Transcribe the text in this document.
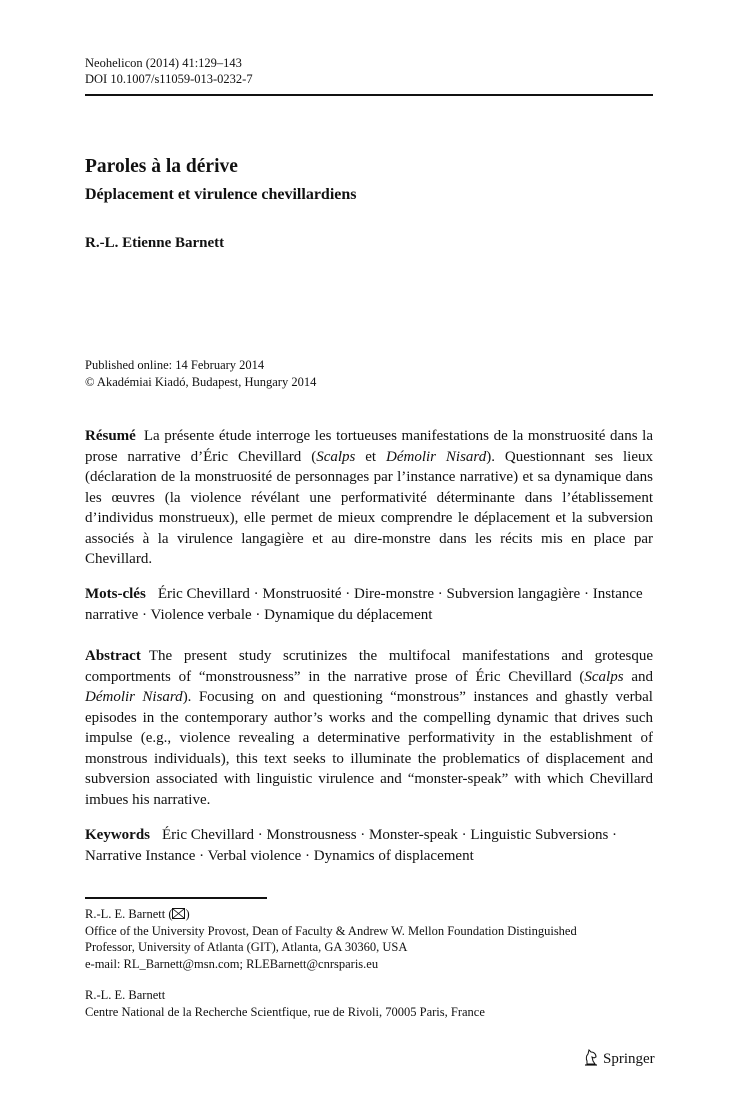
Neohelicon (2014) 41:129–143
DOI 10.1007/s11059-013-0232-7
Paroles à la dérive
Déplacement et virulence chevillardiens
R.-L. Etienne Barnett
Published online: 14 February 2014
© Akadémiai Kiadó, Budapest, Hungary 2014
Résumé La présente étude interroge les tortueuses manifestations de la monstruosité dans la prose narrative d’Éric Chevillard (Scalps et Démolir Nisard). Questionnant ses lieux (déclaration de la monstruosité de personnages par l’instance narrative) et sa dynamique dans les œuvres (la violence révélant une performativité déterminante dans l’établissement d’individus monstrueux), elle permet de mieux comprendre le déplacement et la subversion associés à la virulence langagière et au dire-monstre dans les récits mis en place par Chevillard.
Mots-clés Éric Chevillard · Monstruosité · Dire-monstre · Subversion langagière · Instance narrative · Violence verbale · Dynamique du déplacement
Abstract The present study scrutinizes the multifocal manifestations and grotesque comportments of “monstrousness” in the narrative prose of Éric Chevillard (Scalps and Démolir Nisard). Focusing on and questioning “monstrous” instances and ghastly verbal episodes in the contemporary author’s works and the compelling dynamic that drives such impulse (e.g., violence revealing a determinative performativity in the establishment of monstrous individuals), this text seeks to illuminate the problematics of displacement and subversion associated with linguistic virulence and “monster-speak” with which Chevillard imbues his narrative.
Keywords Éric Chevillard · Monstrousness · Monster-speak · Linguistic Subversions · Narrative Instance · Verbal violence · Dynamics of displacement
R.-L. E. Barnett ( )
Office of the University Provost, Dean of Faculty & Andrew W. Mellon Foundation Distinguished
Professor, University of Atlanta (GIT), Atlanta, GA 30360, USA
e-mail: RL_Barnett@msn.com; RLEBarnett@cnrsparis.eu
R.-L. E. Barnett
Centre National de la Recherche Scientfique, rue de Rivoli, 70005 Paris, France
Springer
